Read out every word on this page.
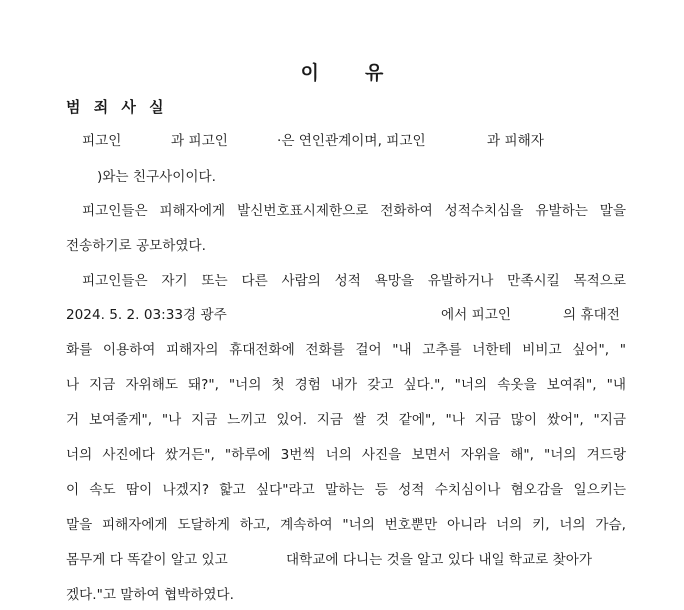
이 유
범 죄 사 실
피고인	과 피고인	·은 연인관계이며, 피고인	과 피해자
)와는 친구사이이다.
피고인들은 피해자에게 발신번호표시제한으로 전화하여 성적수치심을 유발하는 말을
전송하기로 공모하였다.
피고인들은 자기 또는 다른 사람의 성적 욕망을 유발하거나 만족시킬 목적으로
2024. 5. 2. 03:33경 광주	에서 피고인	의 휴대전
화를 이용하여 피해자의 휴대전화에 전화를 걸어 "내 고추를 너한테 비비고 싶어", "
나 지금 자위해도 돼?", "너의 첫 경험 내가 갖고 싶다.", "너의 속옷을 보여줘", "내
거 보여줄게", "나 지금 느끼고 있어. 지금 쌀 것 같에", "나 지금 많이 쌌어", "지금
너의 사진에다 쌌거든", "하루에 3번씩 너의 사진을 보면서 자위을 해", "너의 겨드랑
이 속도 땀이 나겠지? 핥고 싶다"라고 말하는 등 성적 수치심이나 혐오감을 일으키는
말을 피해자에게 도달하게 하고, 계속하여 "너의 번호뿐만 아니라 너의 키, 너의 가슴,
몸무게 다 똑같이 알고 있고	대학교에 다니는 것을 알고 있다 내일 학교로 찾아가
겠다."고 말하여 협박하였다.
